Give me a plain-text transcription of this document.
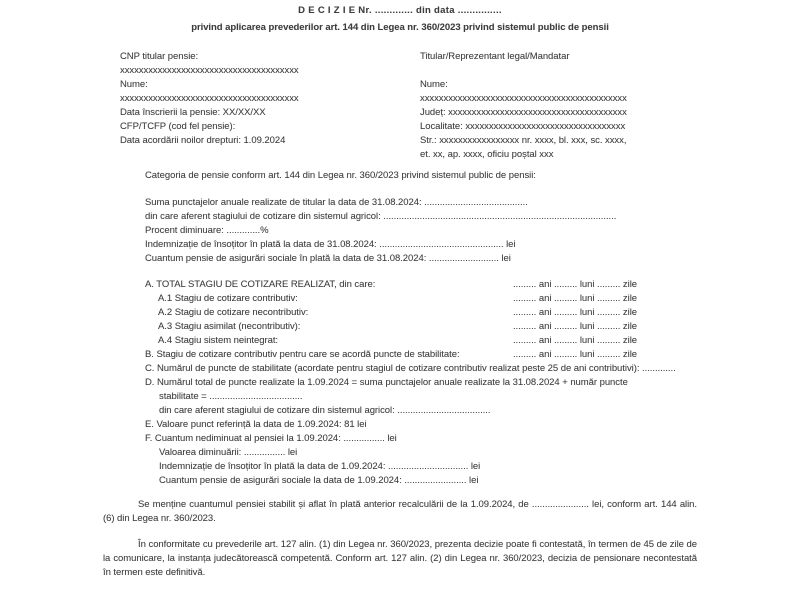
D E C I Z I E Nr. ............. din data ...............
privind aplicarea prevederilor art. 144 din Legea nr. 360/2023 privind sistemul public de pensii
CNP titular pensie:
xxxxxxxxxxxxxxxxxxxxxxxxxxxxxxxxxxxxxx
Nume:
xxxxxxxxxxxxxxxxxxxxxxxxxxxxxxxxxxxxxx
Data înscrierii la pensie: XX/XX/XX
CFP/TCFP (cod fel pensie):
Data acordării noilor drepturi: 1.09.2024
Titular/Reprezentant legal/Mandatar
Nume:
xxxxxxxxxxxxxxxxxxxxxxxxxxxxxxxxxxxxxxxxxxxx
Județ: xxxxxxxxxxxxxxxxxxxxxxxxxxxxxxxxxxxxxx
Localitate: xxxxxxxxxxxxxxxxxxxxxxxxxxxxxxxxxx
Str.: xxxxxxxxxxxxxxxxx nr. xxxx, bl. xxx, sc. xxxx,
et. xx, ap. xxxx, oficiu poștal xxx
Categoria de pensie conform art. 144 din Legea nr. 360/2023 privind sistemul public de pensii:
Suma punctajelor anuale realizate de titular la data de 31.08.2024: ........................................
din care aferent stagiului de cotizare din sistemul agricol: ..........................................................................................
Procent diminuare: .............%
Indemnizație de însoțitor în plată la data de 31.08.2024: ................................................ lei
Cuantum pensie de asigurări sociale în plată la data de 31.08.2024: ........................... lei
A. TOTAL STAGIU DE COTIZARE REALIZAT, din care:	......... ani ......... luni ......... zile
A.1 Stagiu de cotizare contributiv:	......... ani ......... luni ......... zile
A.2 Stagiu de cotizare necontributiv:	......... ani ......... luni ......... zile
A.3 Stagiu asimilat (necontributiv):	......... ani ......... luni ......... zile
A.4 Stagiu sistem neintegrat:	......... ani ......... luni ......... zile
B. Stagiu de cotizare contributiv pentru care se acordă puncte de stabilitate:	......... ani ......... luni ......... zile
C. Numărul de puncte de stabilitate (acordate pentru stagiul de cotizare contributiv realizat peste 25 de ani contributivi): .............
D. Numărul total de puncte realizate la 1.09.2024 = suma punctajelor anuale realizate la 31.08.2024 + număr puncte
stabilitate = ....................................
din care aferent stagiului de cotizare din sistemul agricol: ....................................
E. Valoare punct referință la data de 1.09.2024: 81 lei
F. Cuantum nediminuat al pensiei la 1.09.2024: ................ lei
Valoarea diminuării: ................ lei
Indemnizație de însoțitor în plată la data de 1.09.2024: ............................... lei
Cuantum pensie de asigurări sociale la data de 1.09.2024: ........................ lei
Se menține cuantumul pensiei stabilit și aflat în plată anterior recalculării de la 1.09.2024, de ...................... lei, conform art. 144 alin. (6) din Legea nr. 360/2023.
În conformitate cu prevederile art. 127 alin. (1) din Legea nr. 360/2023, prezenta decizie poate fi contestată, în termen de 45 de zile de la comunicare, la instanța judecătorească competentă. Conform art. 127 alin. (2) din Legea nr. 360/2023, decizia de pensionare necontestată în termen este definitivă.
